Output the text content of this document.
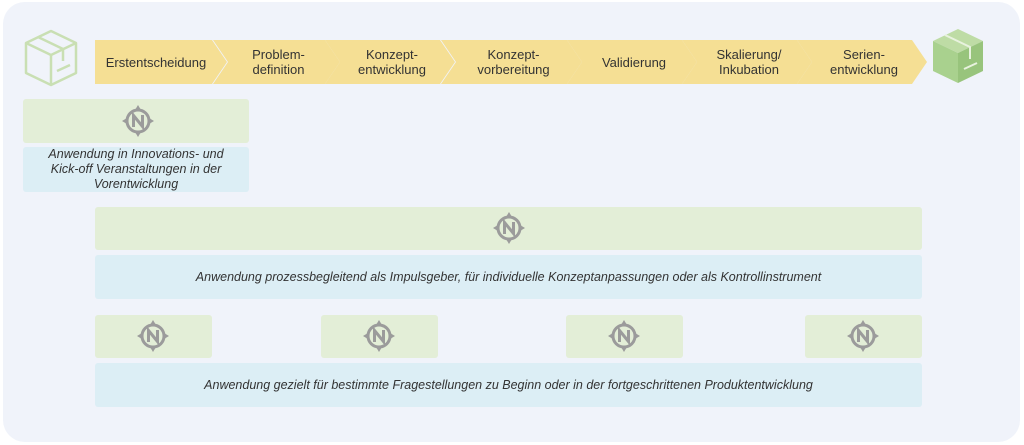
Erstentscheidung	Problem-
definition
Konzept-
entwicklung
Konzept-
vorbereitung	Validierung	Skalierung/
Inkubation
Serien-
entwicklung
Anwendung in Innovations- und Kick-off Veranstaltungen in der Vorentwicklung
Anwendung prozessbegleitend als Impulsgeber, für individuelle Konzeptanpassungen oder als Kontrollinstrument
Anwendung gezielt für bestimmte Fragestellungen zu Beginn oder in der fortgeschrittenen Produktentwicklung
